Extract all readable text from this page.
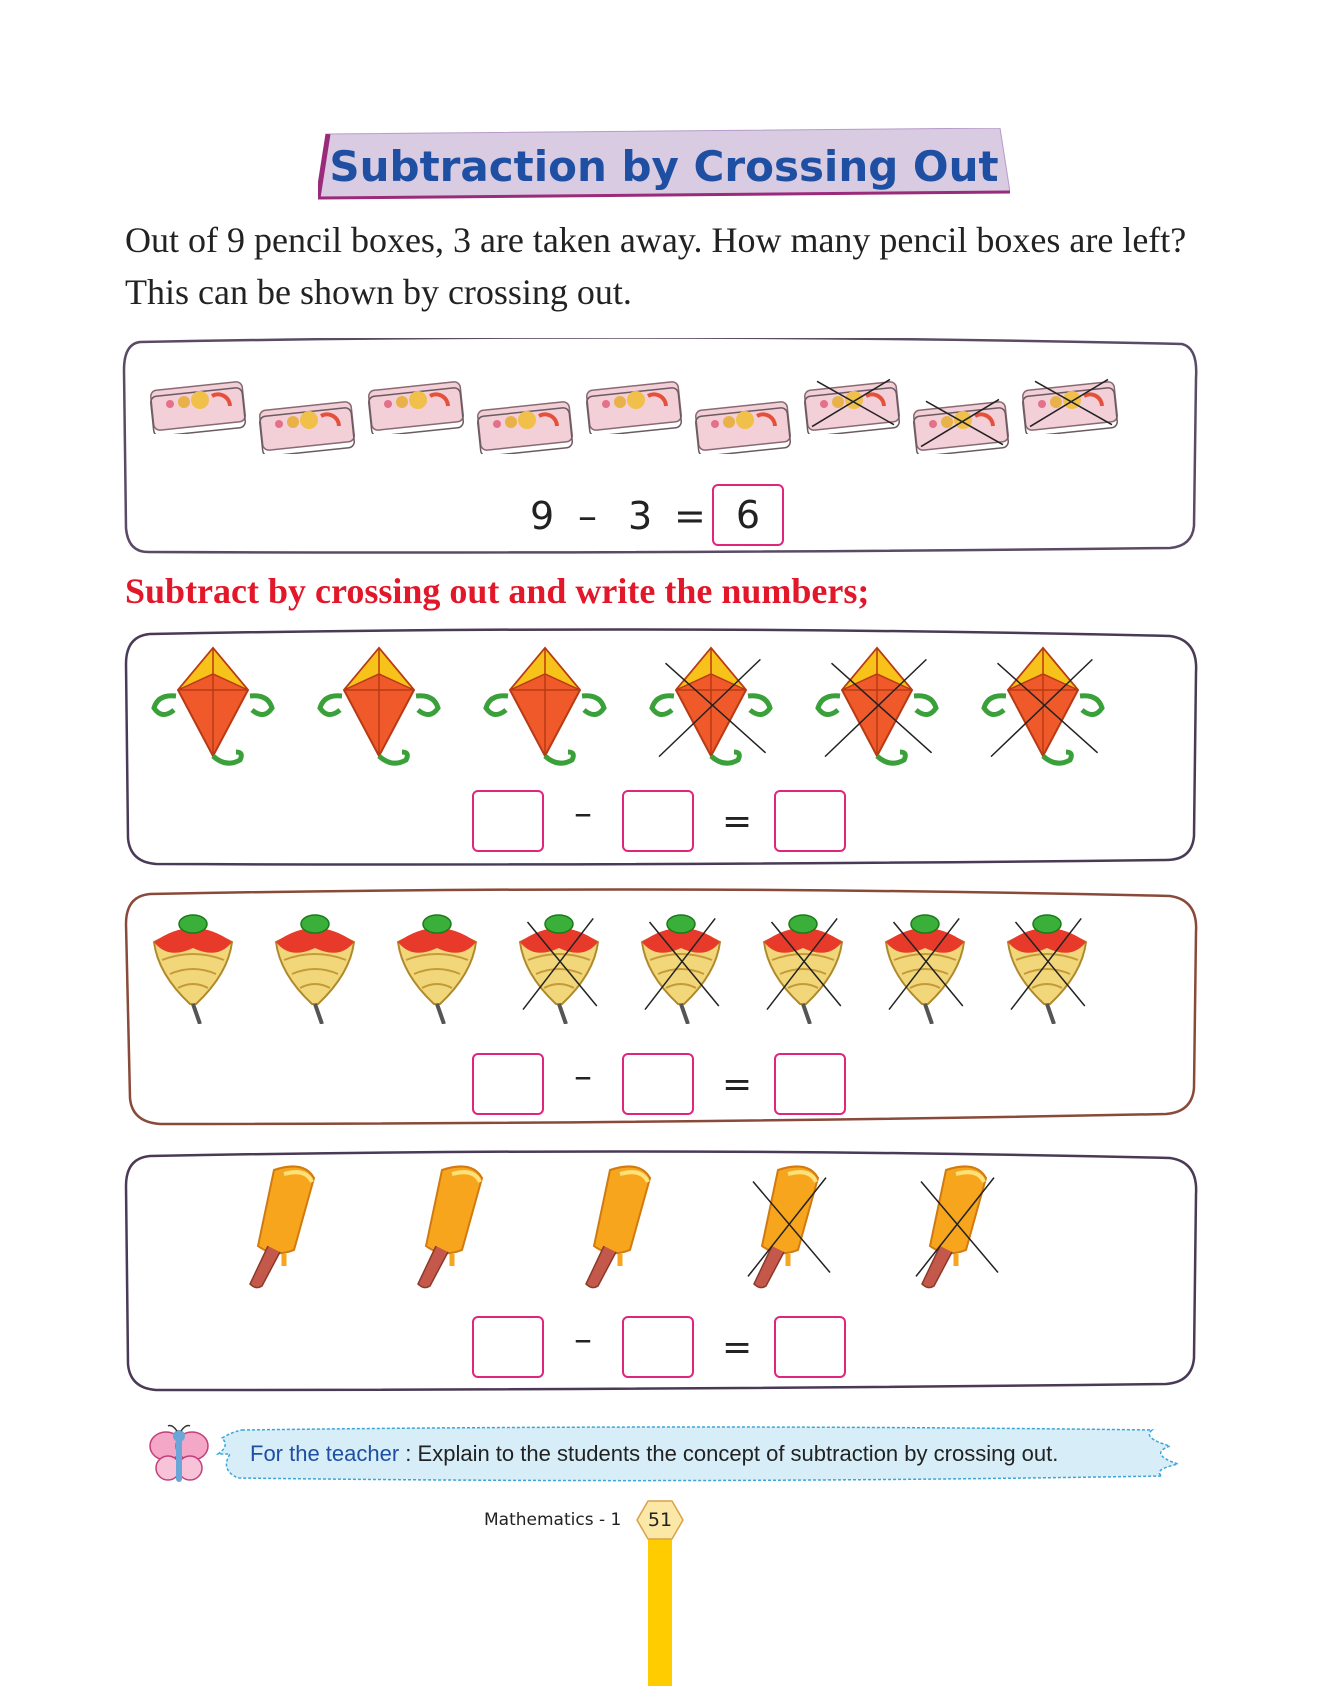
Subtraction by Crossing Out

Out of 9 pencil boxes, 3 are taken away. How many pencil boxes are left? This can be shown by crossing out.

9 – 3 = 6
Subtract by crossing out and write the numbers;
–	=
–	=
–	=

For the teacher : Explain to the students the concept of subtraction by crossing out.

Mathematics - 1	51
